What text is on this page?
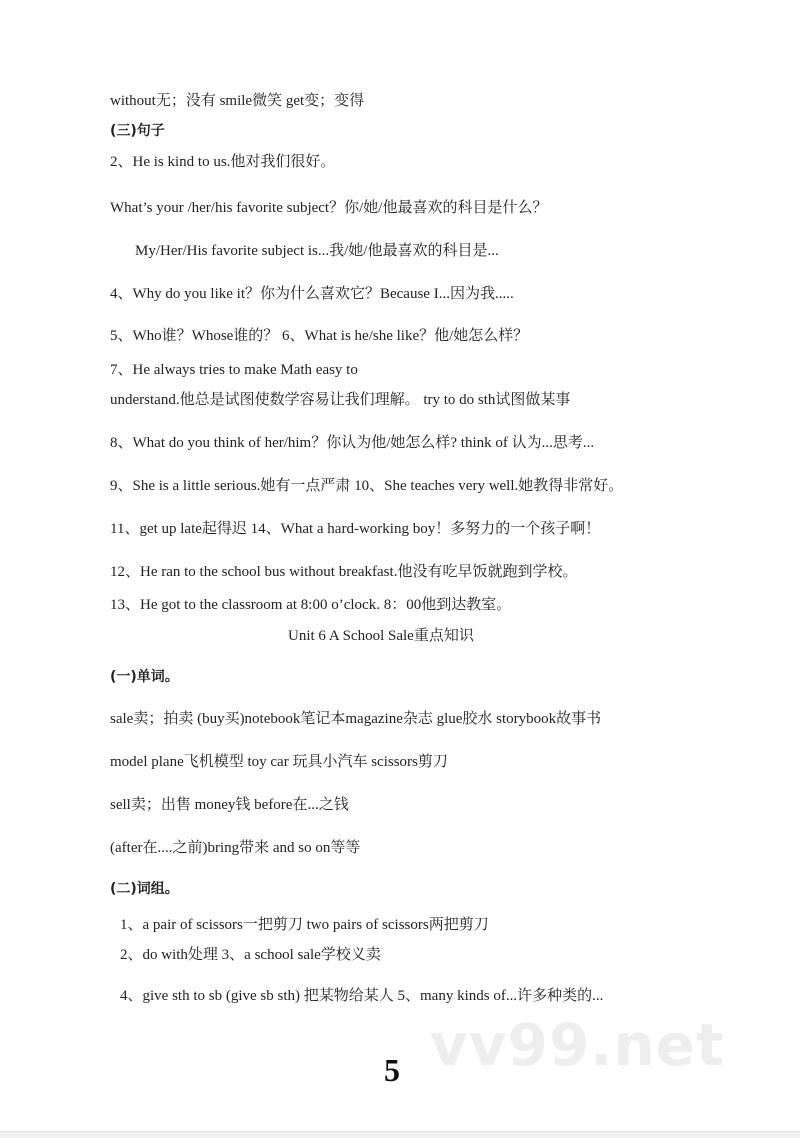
vv99.net
without无；没有 smile微笑 get变；变得
(三)句子
2、He is kind to us.他对我们很好。
What’s your /her/his favorite subject？你/她/他最喜欢的科目是什么？
My/Her/His favorite subject is...我/她/他最喜欢的科目是...
4、Why do you like it？你为什么喜欢它？Because I...因为我.....
5、Who谁？Whose谁的？ 6、What is he/she like？他/她怎么样？
7、He always tries to make Math easy to
understand.他总是试图使数学容易让我们理解。 try to do sth试图做某事
8、What do you think of her/him？你认为他/她怎么样? think of 认为...思考...
9、She is a little serious.她有一点严肃 10、She teaches very well.她教得非常好。
11、get up late起得迟 14、What a hard-working boy！多努力的一个孩子啊！
12、He ran to the school bus without breakfast.他没有吃早饭就跑到学校。
13、He got to the classroom at 8:00 o’clock. 8：00他到达教室。
Unit 6 A School Sale重点知识
(一)单词。
sale卖；拍卖 (buy买)notebook笔记本magazine杂志 glue胶水 storybook故事书
model plane飞机模型 toy car 玩具小汽车 scissors剪刀
sell卖；出售 money钱 before在...之钱
(after在....之前)bring带来 and so on等等
(二)词组。
1、a pair of scissors一把剪刀 two pairs of scissors两把剪刀
2、do with处理 3、a school sale学校义卖
4、give sth to sb (give sb sth) 把某物给某人 5、many kinds of...许多种类的...
5
